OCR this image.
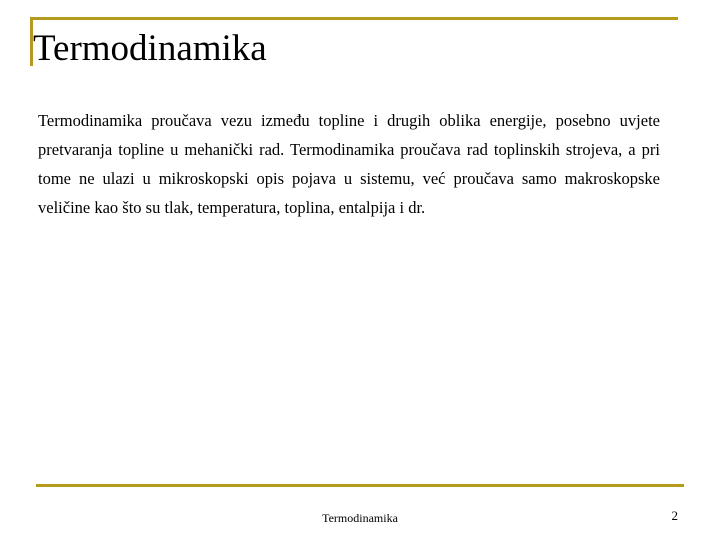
Termodinamika

Termodinamika proučava vezu između topline i drugih oblika energije, posebno uvjete pretvaranja topline u mehanički rad. Termodinamika proučava rad toplinskih strojeva, a pri tome ne ulazi u mikroskopski opis pojava u sistemu, već proučava samo makroskopske veličine kao što su tlak, temperatura, toplina, entalpija i dr.

Termodinamika	2
